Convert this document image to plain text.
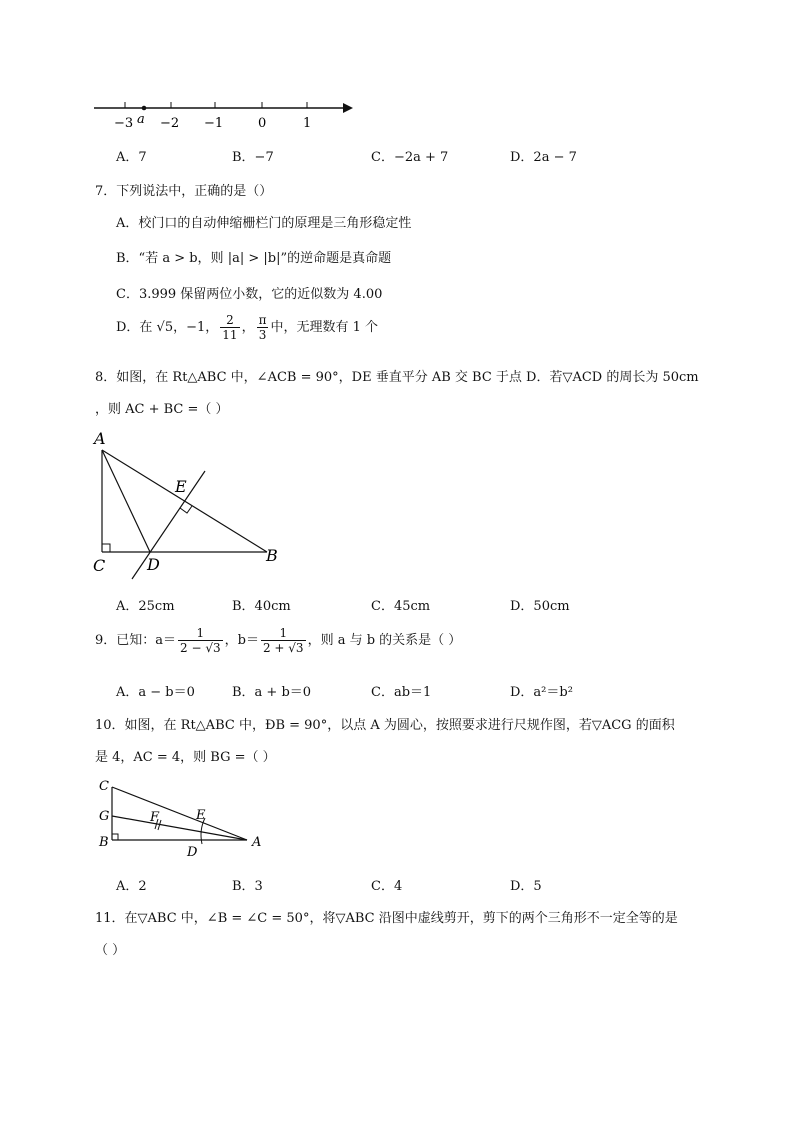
−3 a −2 −1	0	1
A．7	B．−7	C．−2a + 7	D．2a − 7
7．下列说法中，正确的是（）
A．校门口的自动伸缩栅栏门的原理是三角形稳定性
B．“若 a > b，则 |a| > |b|”的逆命题是真命题
C．3.999 保留两位小数，它的近似数为 4.00
D．在 √5，−1， $\frac{2}{11}$ ， $\frac{\pi}{3}$ 中，无理数有 1 个
8．如图，在 Rt△ABC 中，∠ACB = 90°，DE 垂直平分 AB 交 BC 于点 D．若▽ACD 的周长为 50cm
，则 AC + BC =（ ）
A
E
C	D	B
A．25cm	B．40cm	C．45cm	D．50cm
9．已知：$a= \frac{1}{2 - √3}$ ，$b= \frac{1}{2 + √3}$ ，则 a 与 b 的关系是（ ）
A．a − b＝0	B．a + b＝0	C．ab＝1	D．a²＝b²
10．如图，在 Rt△ABC 中，ÐB = 90°，以点 A 为圆心，按照要求进行尺规作图，若▽ACG 的面积
是 4，AC = 4，则 BG =（ ）
C
G	F	E
B
D
A
A．2	B．3	C．4	D．5
11．在▽ABC 中，∠B = ∠C = 50°，将▽ABC 沿图中虚线剪开，剪下的两个三角形不一定全等的是
（ ）
